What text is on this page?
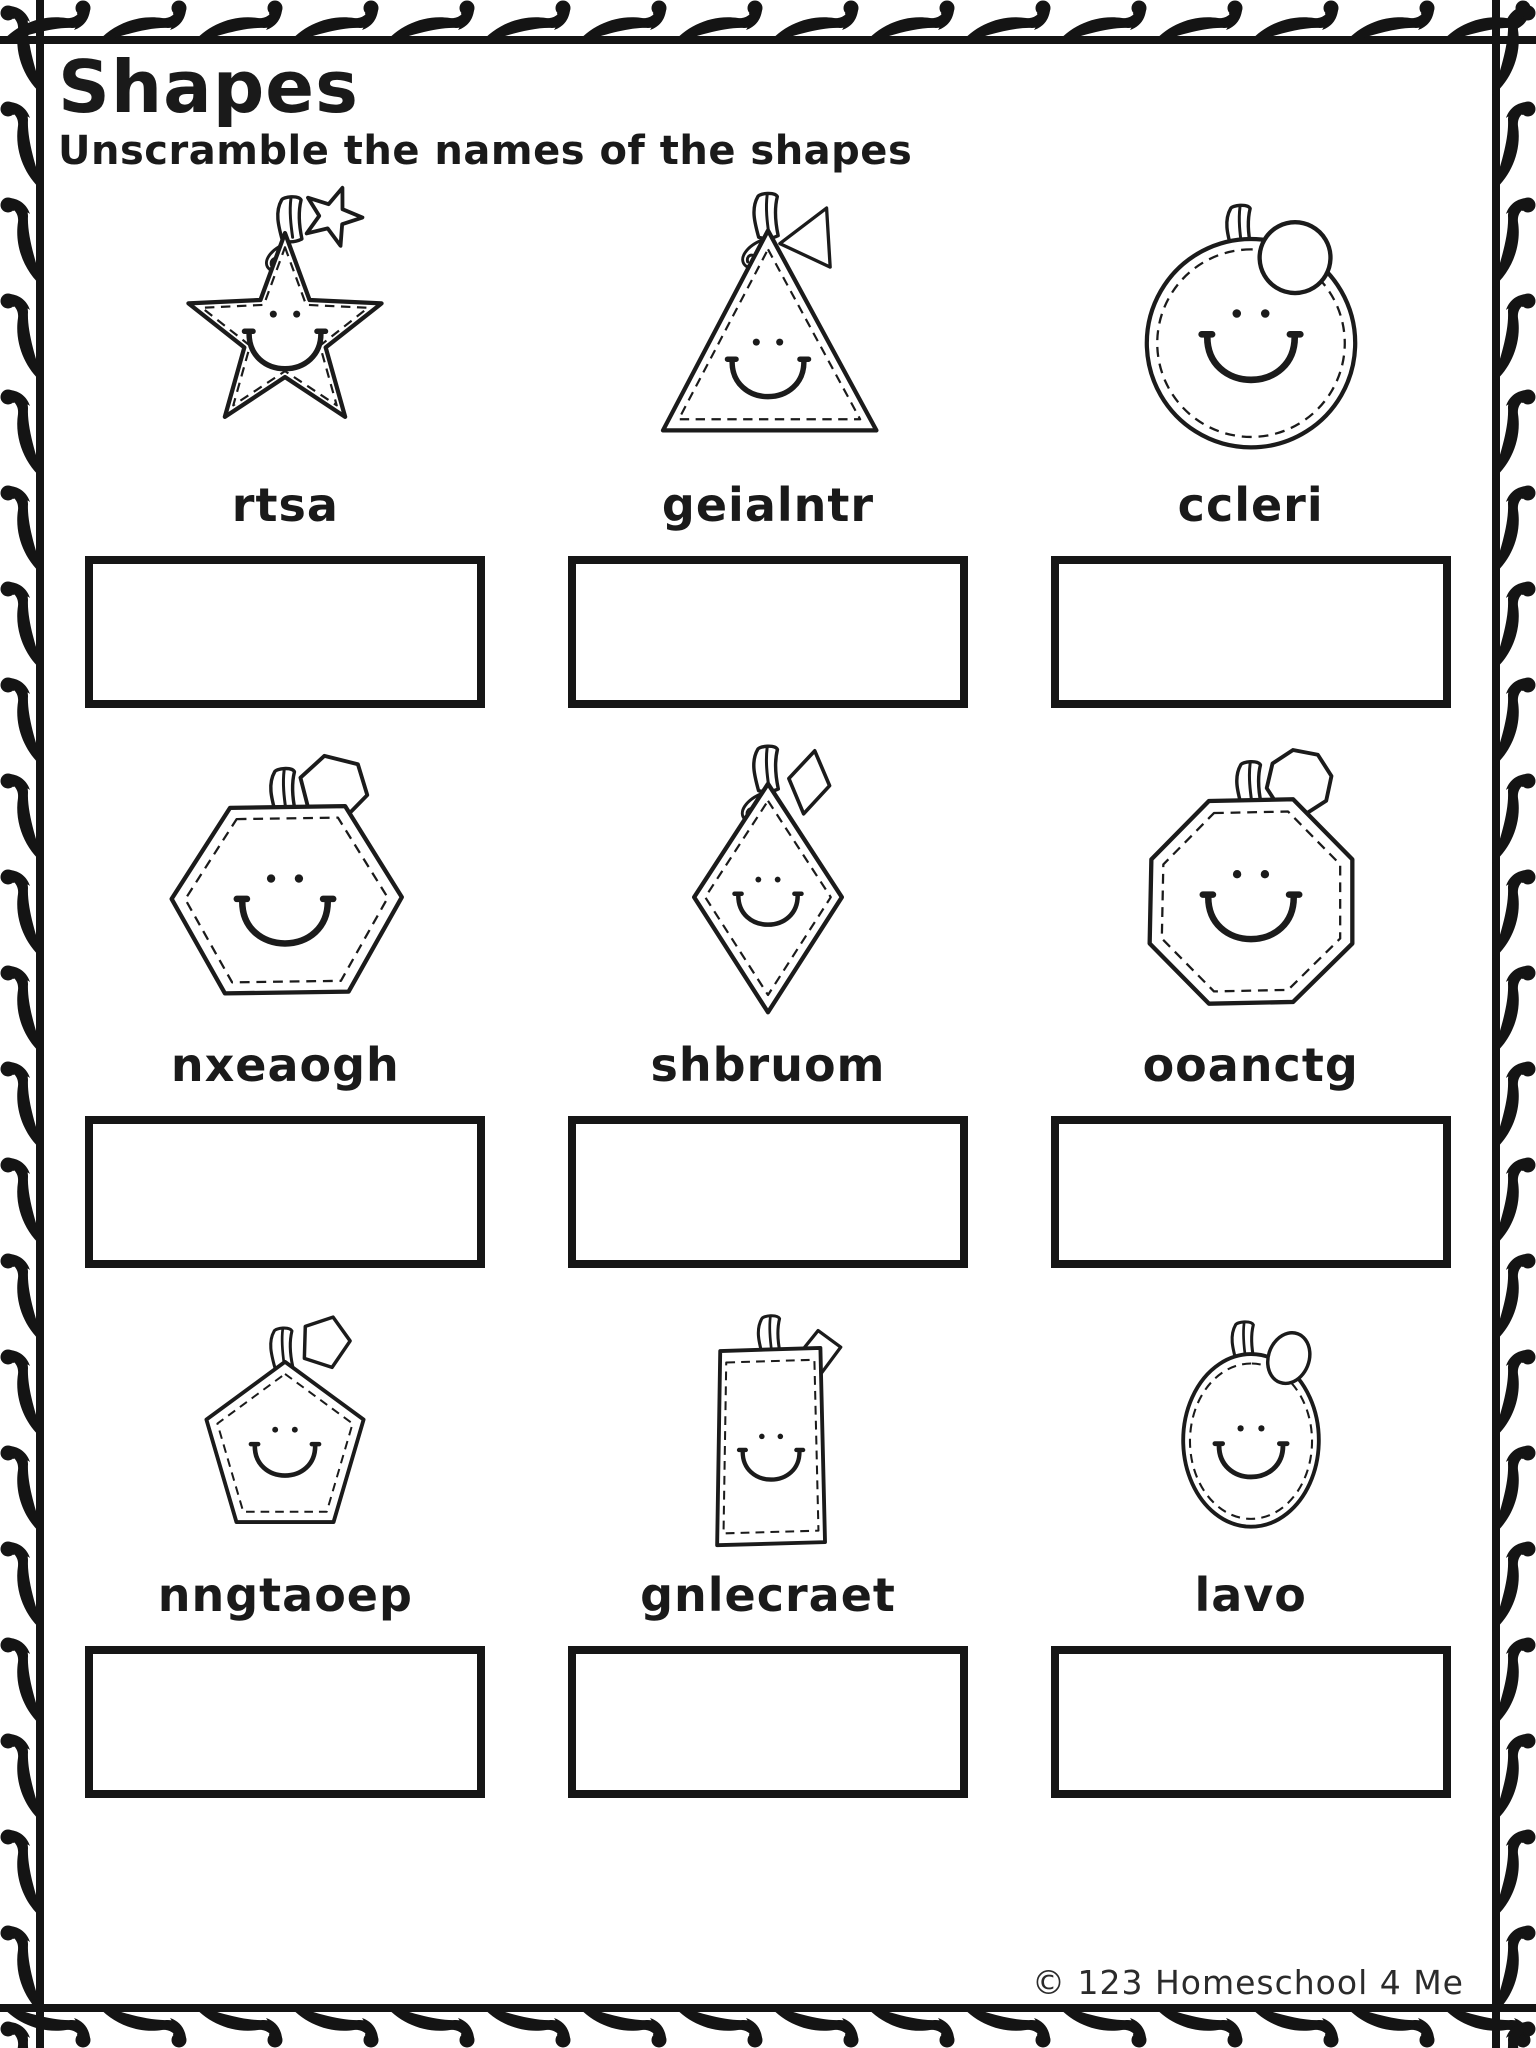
Shapes
Unscramble the names of the shapes
rtsa	geialntr	ccleri
nxeaogh	shbruom	ooanctg
nngtaoep	gnlecraet	lavo
© 123 Homeschool 4 Me
